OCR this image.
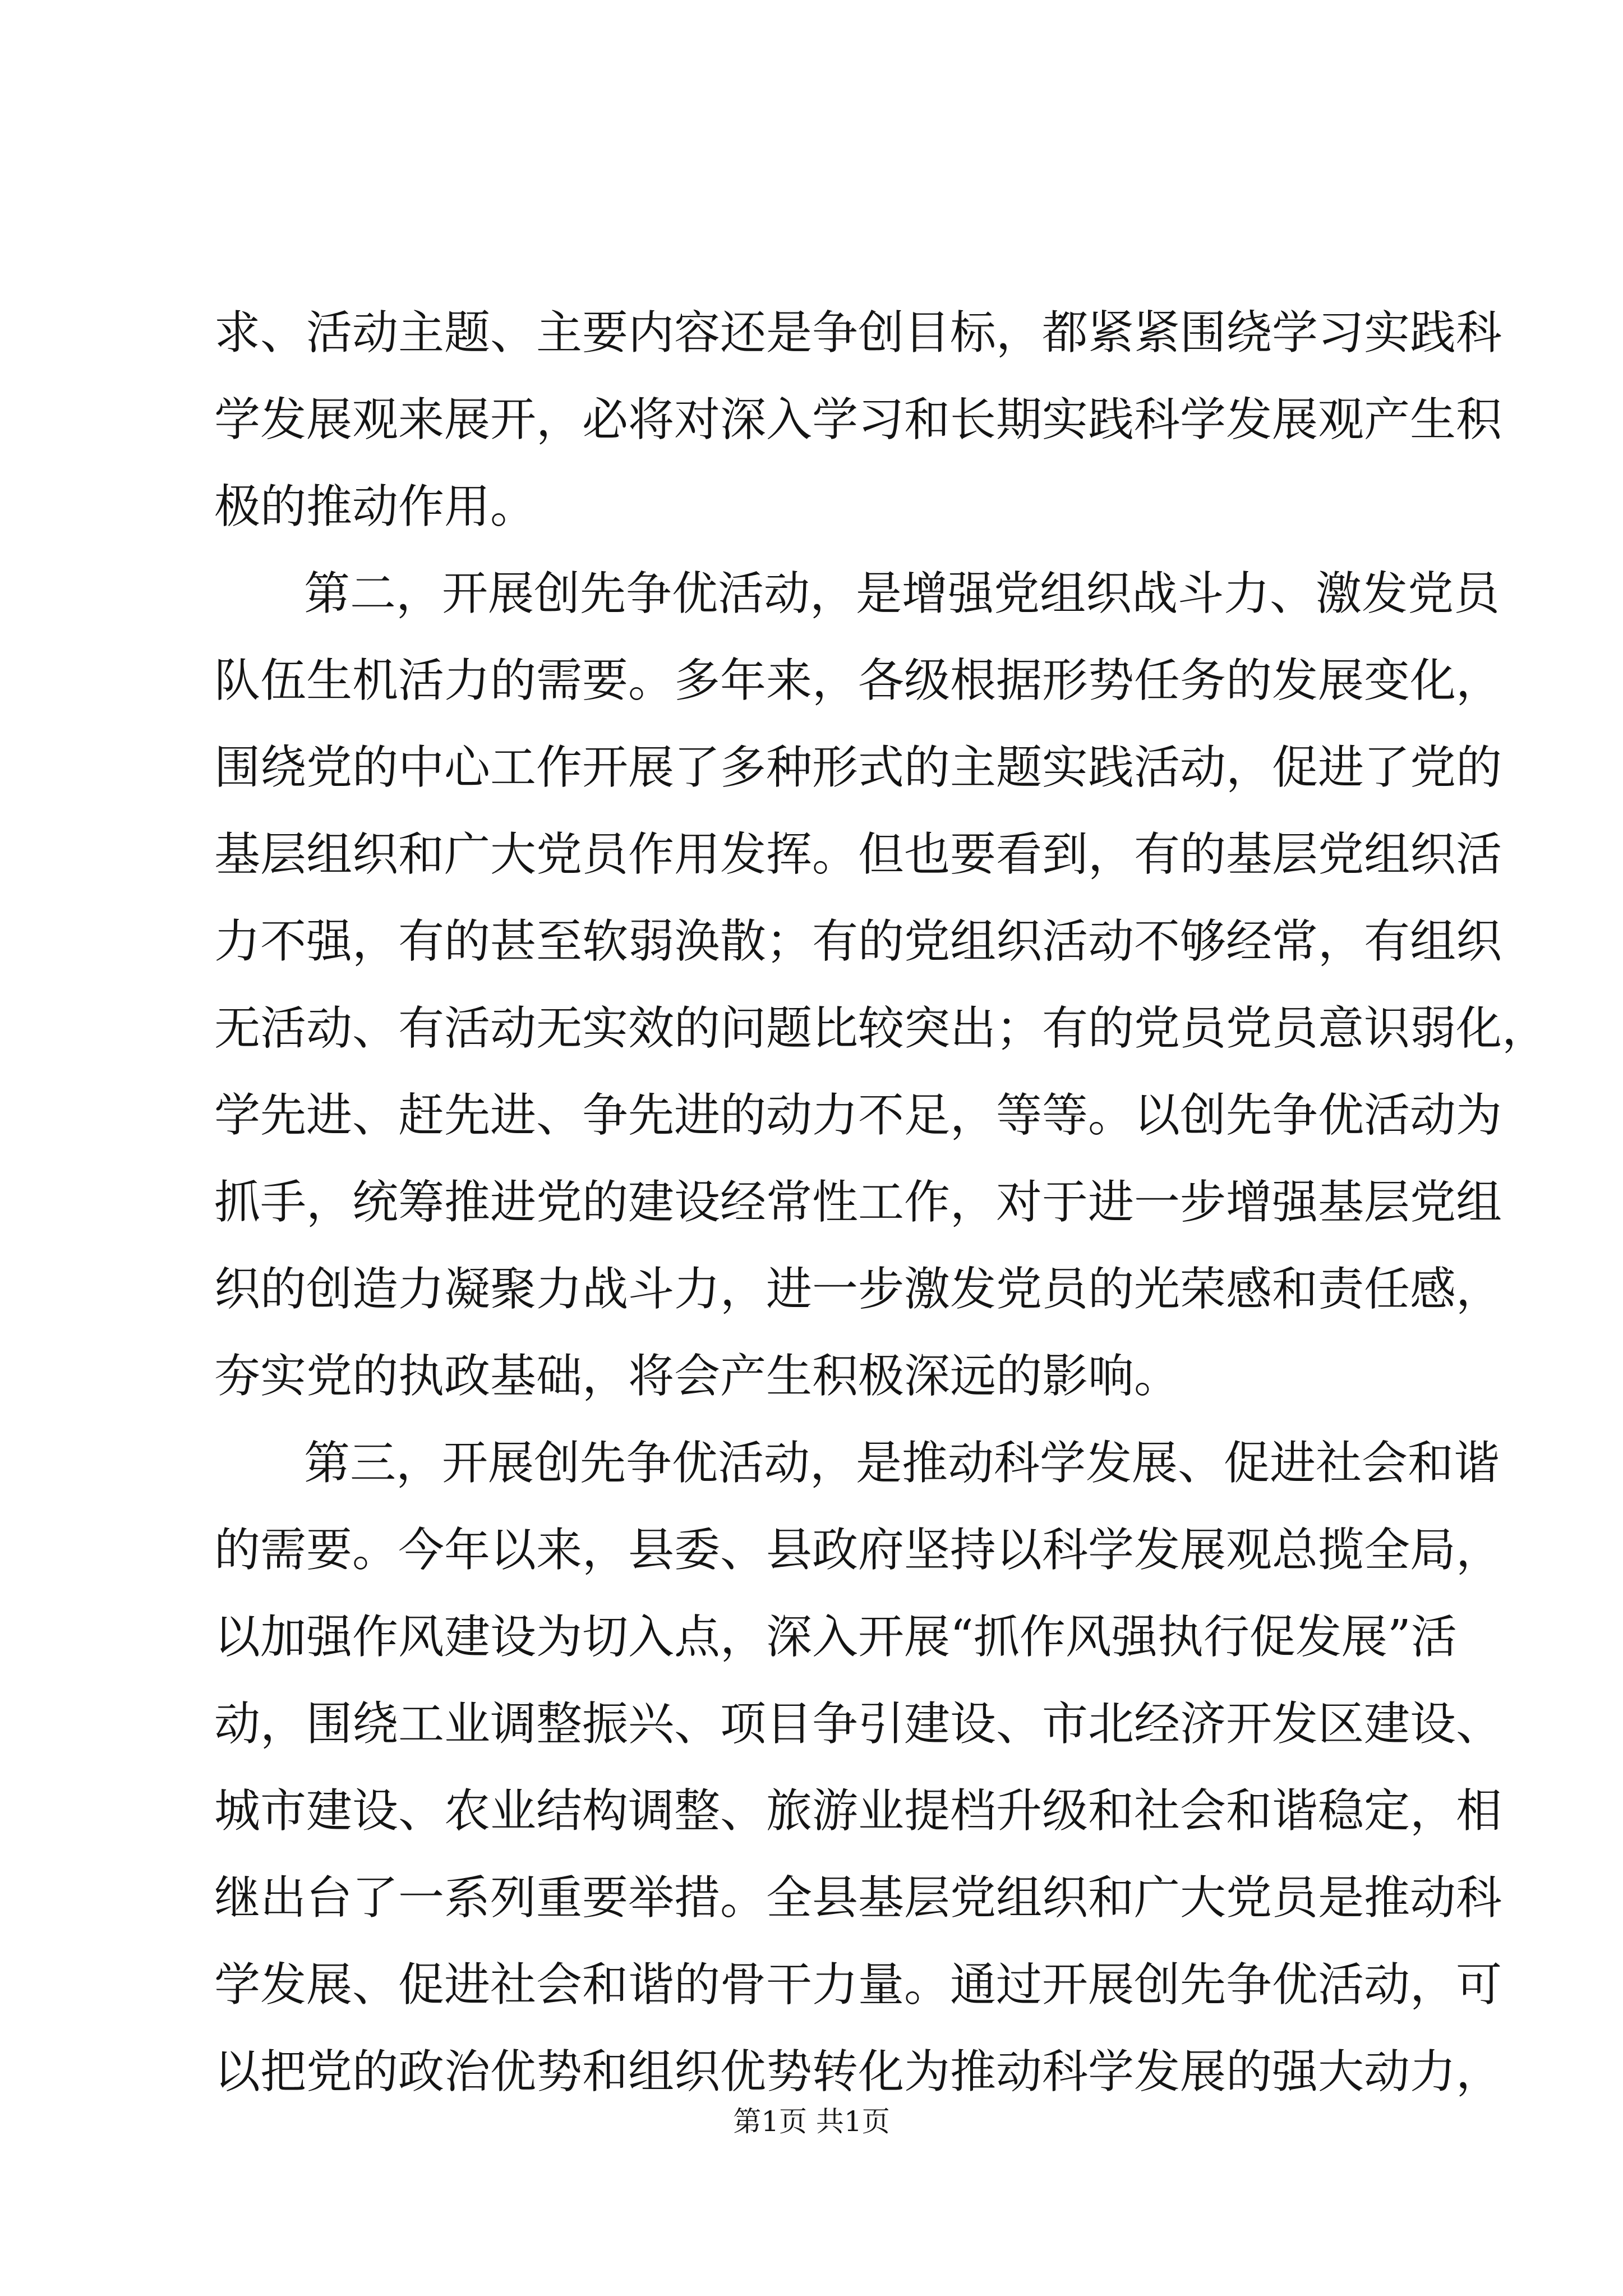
求、活动主题、主要内容还是争创目标，都紧紧围绕学习实践科
学发展观来展开，必将对深入学习和长期实践科学发展观产生积
极的推动作用。
第二，开展创先争优活动，是增强党组织战斗力、激发党员
队伍生机活力的需要。多年来，各级根据形势任务的发展变化，
围绕党的中心工作开展了多种形式的主题实践活动，促进了党的
基层组织和广大党员作用发挥。但也要看到，有的基层党组织活
力不强，有的甚至软弱涣散；有的党组织活动不够经常，有组织
无活动、有活动无实效的问题比较突出；有的党员党员意识弱化，
学先进、赶先进、争先进的动力不足，等等。以创先争优活动为
抓手，统筹推进党的建设经常性工作，对于进一步增强基层党组
织的创造力凝聚力战斗力，进一步激发党员的光荣感和责任感，
夯实党的执政基础，将会产生积极深远的影响。
第三，开展创先争优活动，是推动科学发展、促进社会和谐
的需要。今年以来，县委、县政府坚持以科学发展观总揽全局，
以加强作风建设为切入点，深入开展“抓作风强执行促发展”活
动，围绕工业调整振兴、项目争引建设、市北经济开发区建设、
城市建设、农业结构调整、旅游业提档升级和社会和谐稳定，相
继出台了一系列重要举措。全县基层党组织和广大党员是推动科
学发展、促进社会和谐的骨干力量。通过开展创先争优活动，可
以把党的政治优势和组织优势转化为推动科学发展的强大动力，
第1页 共1页
